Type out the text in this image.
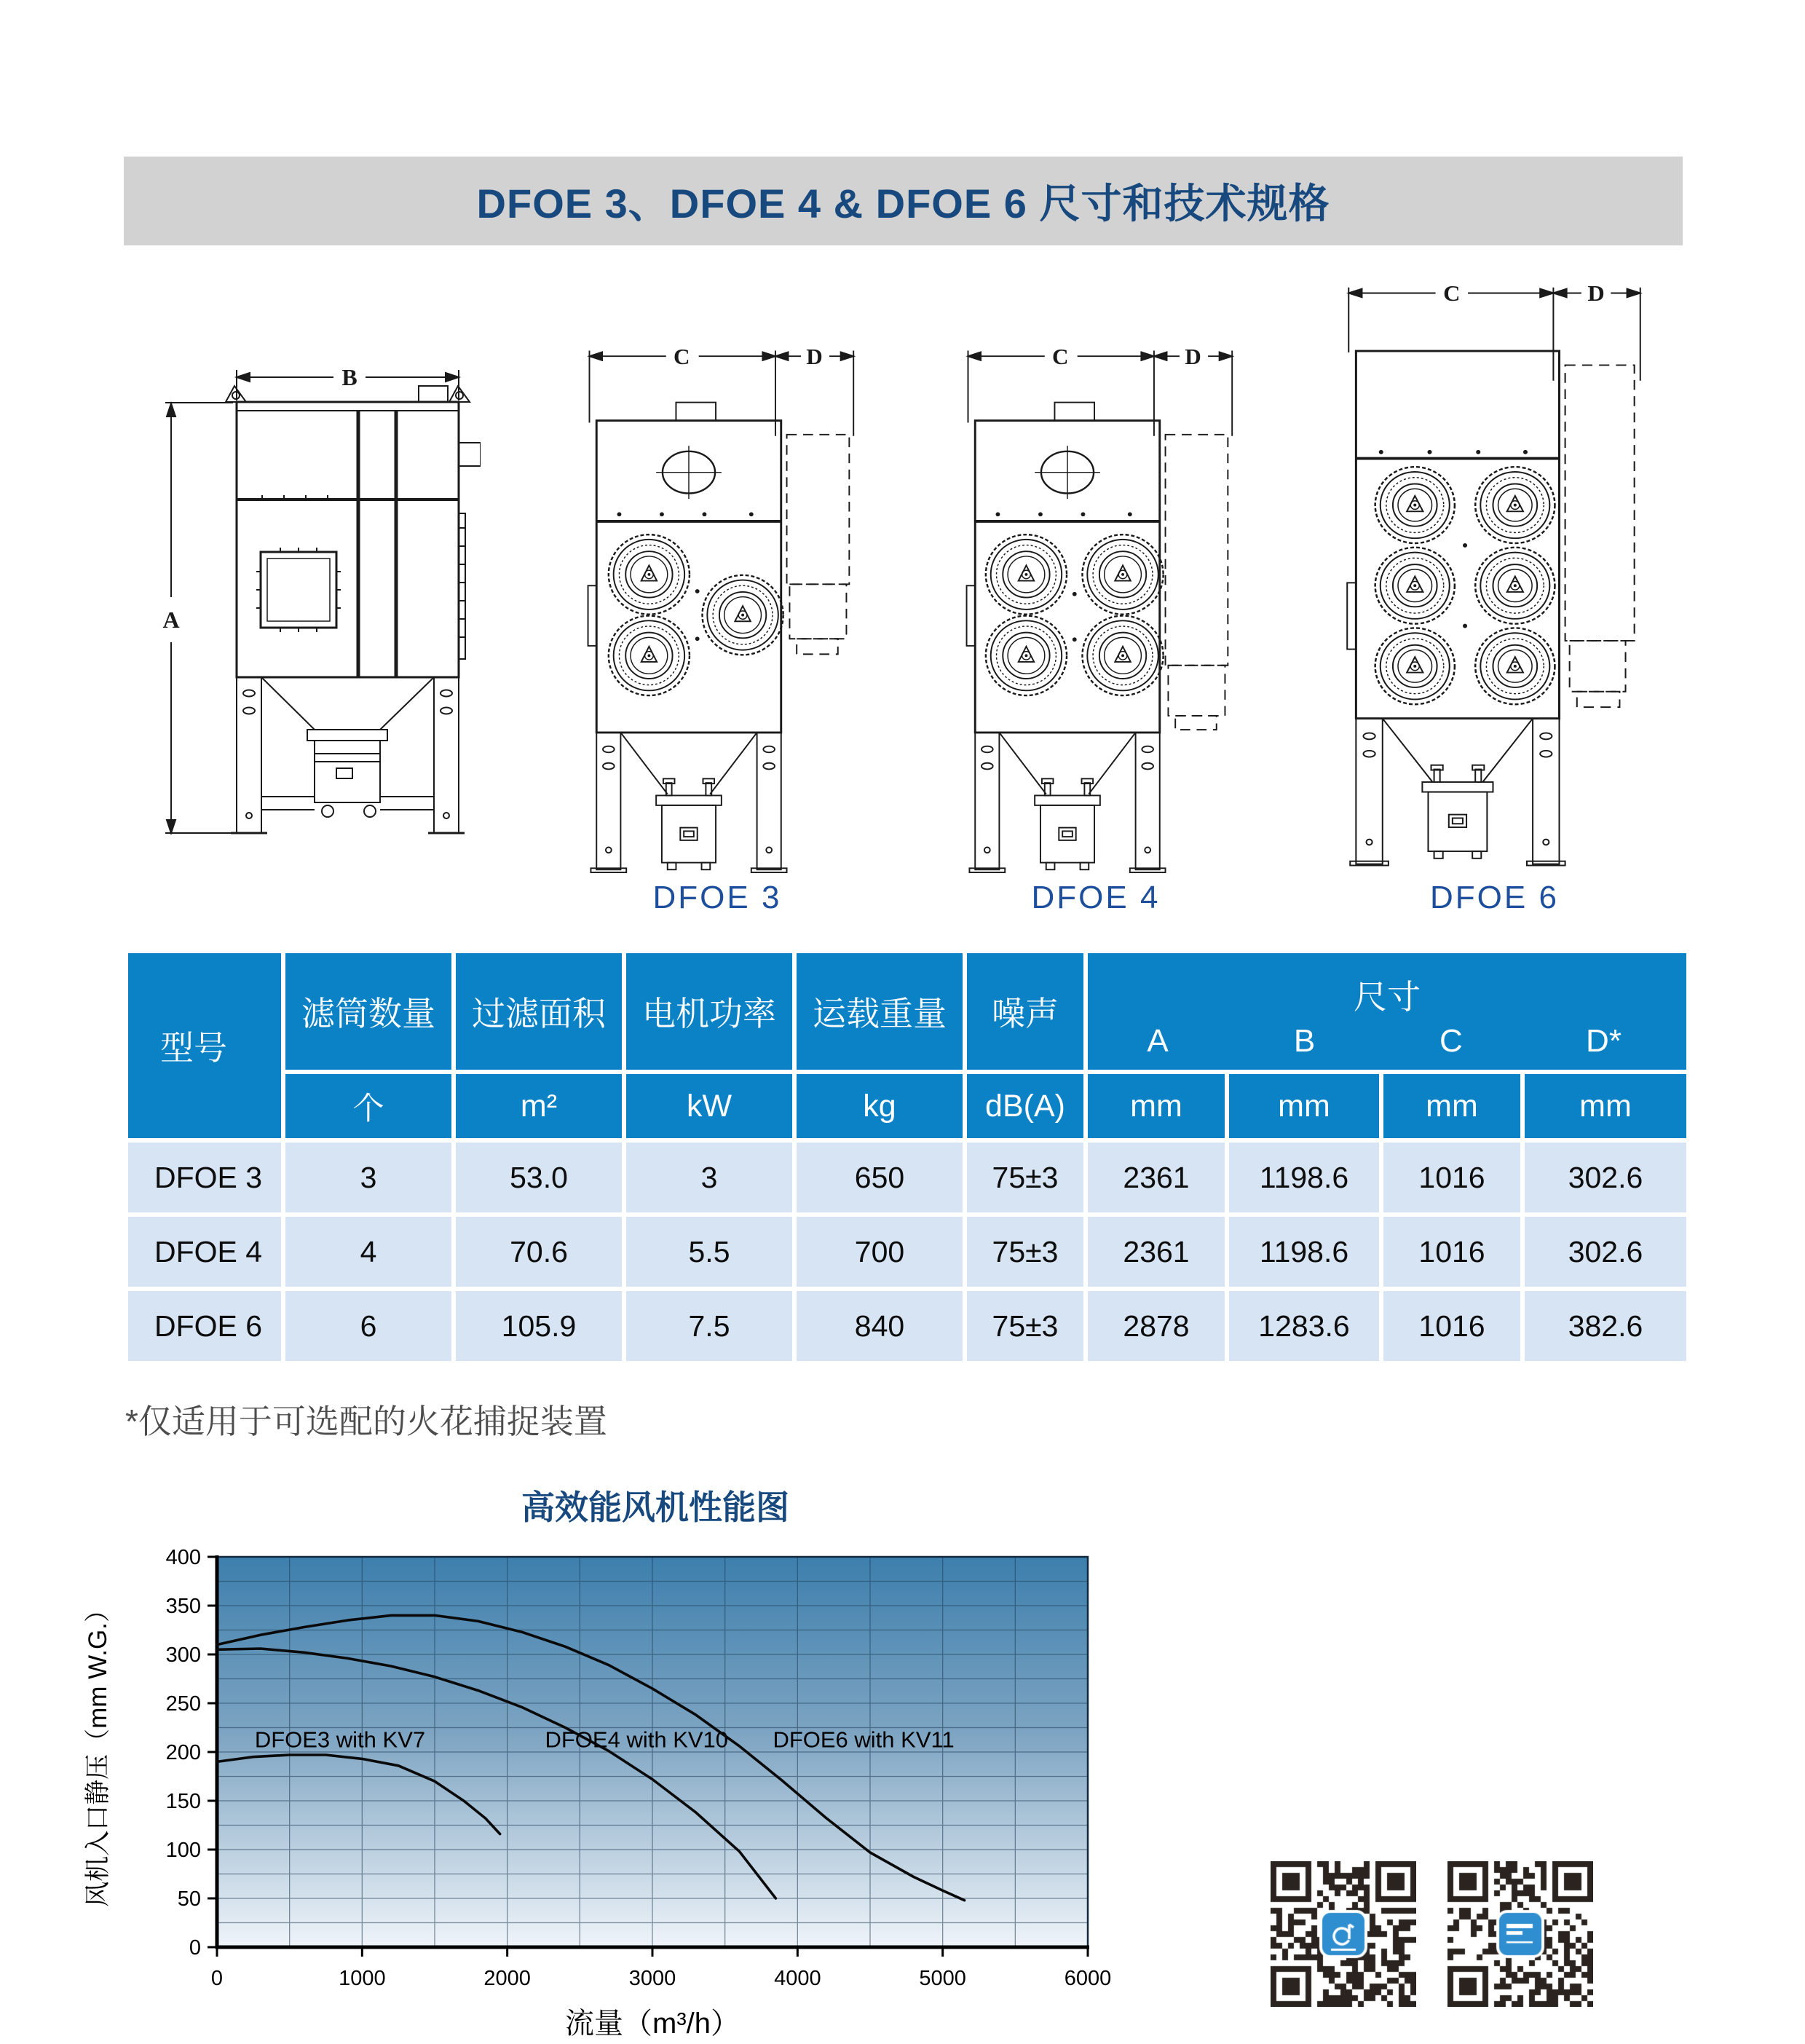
DFOE 3、DFOE 4 & DFOE 6 尺寸和技术规格
B
A
C	D	C	D
C	D
DFOE 3	DFOE 4	DFOE 6
型号	滤筒数量	过滤面积	电机功率	运载重量	噪声	尺寸
A B C D*			

	个	m²	kW	kg	dB(A)	mm	mm	mm	mm
DFOE 3	3	53.0	3	650	75±3	2361	1198.6	1016	302.6
DFOE 4	4	70.6	5.5	700	75±3	2361	1198.6	1016	302.6
DFOE 6	6	105.9	7.5	840	75±3	2878	1283.6	1016	382.6
*仅适用于可选配的火花捕捉装置
高效能风机性能图
0	1000	2000	3000	4000	5000	6000
0
50
100
150
200
250
300
350
400
DFOE3 with KV7	DFOE4 with KV10 DFOE6 with KV11
风机入口静压（mm W.G.）
流量（m³/h）
